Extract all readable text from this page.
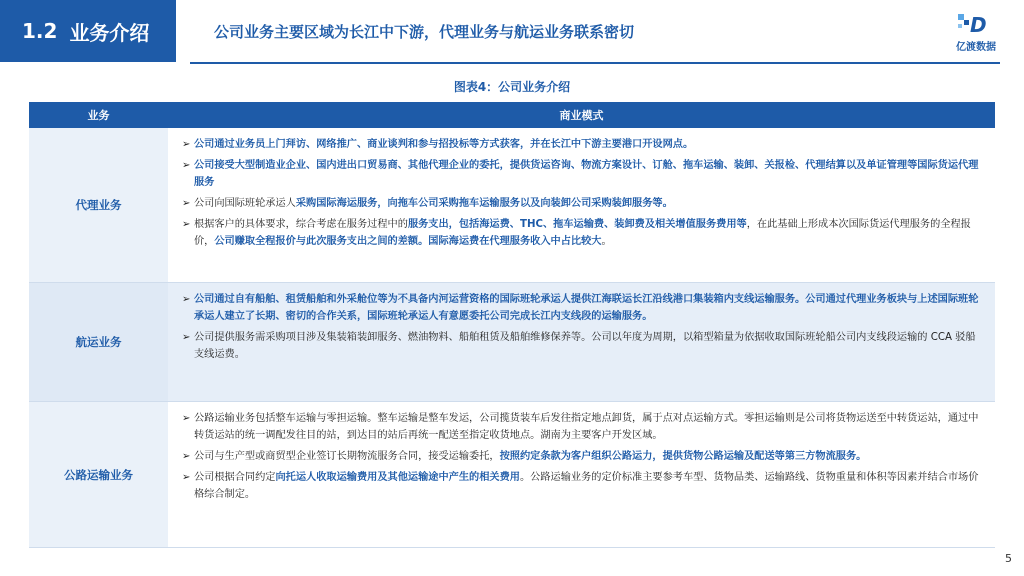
1.2 业务介绍	公司业务主要区域为长江中下游，代理业务与航运业务联系密切	D
亿渡数据
图表4：公司业务介绍
业务	商业模式
代理业务
➢ 公司通过业务员上门拜访、网络推广、商业谈判和参与招投标等方式获客，并在长江中下游主要港口开设网点。
➢ 公司接受大型制造业企业、国内进出口贸易商、其他代理企业的委托，提供货运咨询、物流方案设计、订舱、拖车运输、装卸、关报检、代理结算以及单证管理等国际货运代理服务
➢ 公司向国际班轮承运人采购国际海运服务，向拖车公司采购拖车运输服务以及向装卸公司采购装卸服务等。
➢ 根据客户的具体要求，综合考虑在服务过程中的服务支出，包括海运费、THC、拖车运输费、装卸费及相关增值服务费用等，在此基础上形成本次国际货运代理服务的全程报价，公司赚取全程报价与此次服务支出之间的差额。国际海运费在代理服务收入中占比较大。
航运业务
➢ 公司通过自有船舶、租赁船舶和外采舱位等为不具备内河运营资格的国际班轮承运人提供江海联运长江沿线港口集装箱内支线运输服务。公司通过代理业务板块与上述国际班轮承运人建立了长期、密切的合作关系，国际班轮承运人有意愿委托公司完成长江内支线段的运输服务。
➢ 公司提供服务需采购项目涉及集装箱装卸服务、燃油物料、船舶租赁及船舶维修保养等。公司以年度为周期，以箱型箱量为依据收取国际班轮船公司内支线段运输的 CCA 驳船支线运费。
公路运输业务
➢ 公路运输业务包括整车运输与零担运输。整车运输是整车发运，公司揽货装车后发往指定地点卸货，属于点对点运输方式。零担运输则是公司将货物运送至中转货运站，通过中转货运站的统一调配发往目的站，到达目的站后再统一配送至指定收货地点。湖南为主要客户开发区域。
➢ 公司与生产型或商贸型企业签订长期物流服务合同，接受运输委托，按照约定条款为客户组织公路运力，提供货物公路运输及配送等第三方物流服务。
➢ 公司根据合同约定向托运人收取运输费用及其他运输途中产生的相关费用。公路运输业务的定价标准主要参考车型、货物品类、运输路线、货物重量和体积等因素并结合市场价格综合制定。
5
